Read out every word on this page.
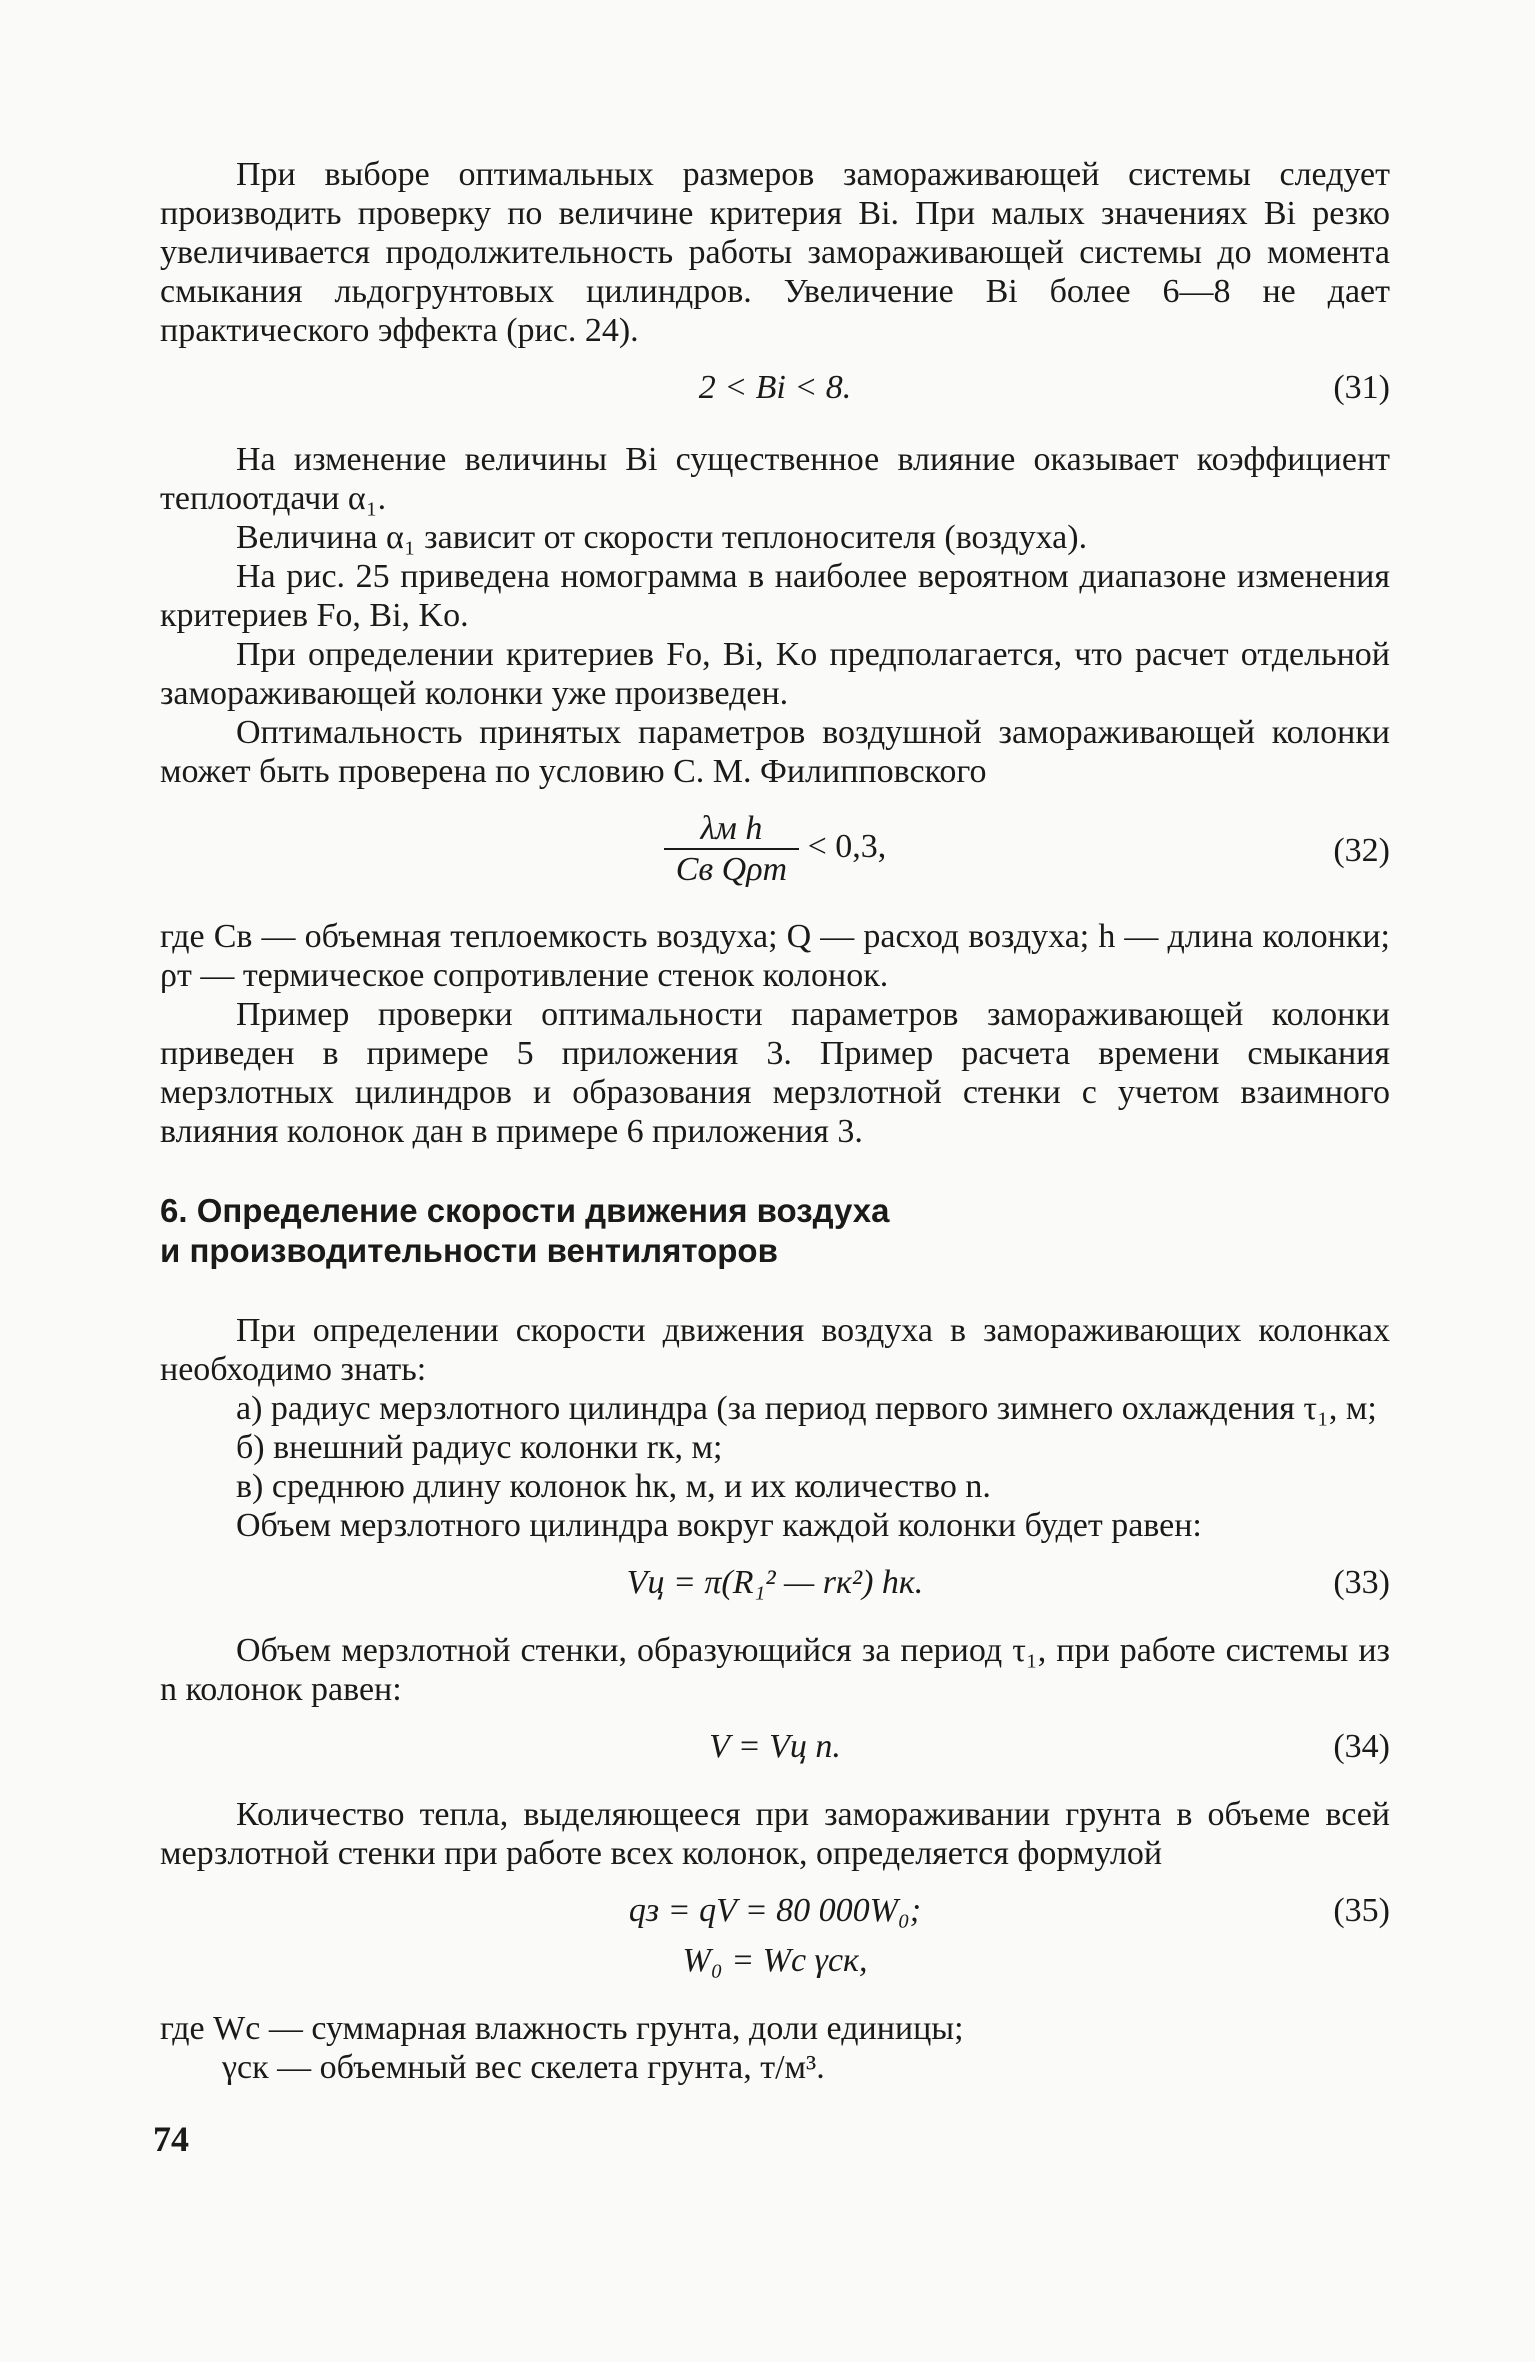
При выборе оптимальных размеров замораживающей системы следует производить проверку по величине критерия Bi. При малых значениях Bi резко увеличивается продолжительность работы замораживающей системы до момента смыкания льдогрунтовых цилиндров. Увеличение Bi более 6—8 не дает практического эффекта (рис. 24).

2 < Bi < 8.	(31)

На изменение величины Bi существенное влияние оказывает коэффициент теплоотдачи α₁.

Величина α₁ зависит от скорости теплоносителя (воздуха).

На рис. 25 приведена номограмма в наиболее вероятном диапазоне изменения критериев Fo, Bi, Ko.

При определении критериев Fo, Bi, Ko предполагается, что расчет отдельной замораживающей колонки уже произведен.

Оптимальность принятых параметров воздушной замораживающей колонки может быть проверена по условию С. М. Филипповского

$\frac{\text{λм h}}{\text{Cв Qρт}} < 0,3$,	(32)

где Cв — объемная теплоемкость воздуха; Q — расход воздуха; h — длина колонки; ρт — термическое сопротивление стенок колонок.

Пример проверки оптимальности параметров замораживающей колонки приведен в примере 5 приложения 3. Пример расчета времени смыкания мерзлотных цилиндров и образования мерзлотной стенки с учетом взаимного влияния колонок дан в примере 6 приложения 3.

6. Определение скорости движения воздуха
и производительности вентиляторов

При определении скорости движения воздуха в замораживающих колонках необходимо знать:

а) радиус мерзлотного цилиндра (за период первого зимнего охлаждения τ₁, м;

б) внешний радиус колонки rк, м;

в) среднюю длину колонок hк, м, и их количество n.

Объем мерзлотного цилиндра вокруг каждой колонки будет равен:

Vц = π(R₁² — rк²) hк.	(33)

Объем мерзлотной стенки, образующийся за период τ₁, при работе системы из n колонок равен:

V = Vц n.	(34)

Количество тепла, выделяющееся при замораживании грунта в объеме всей мерзлотной стенки при работе всех колонок, определяется формулой

qз = qV = 80 000W₀;	(35)
W₀ = Wс γск,

где Wс — суммарная влажность грунта, доли единицы;

γск — объемный вес скелета грунта, т/м³.

74
